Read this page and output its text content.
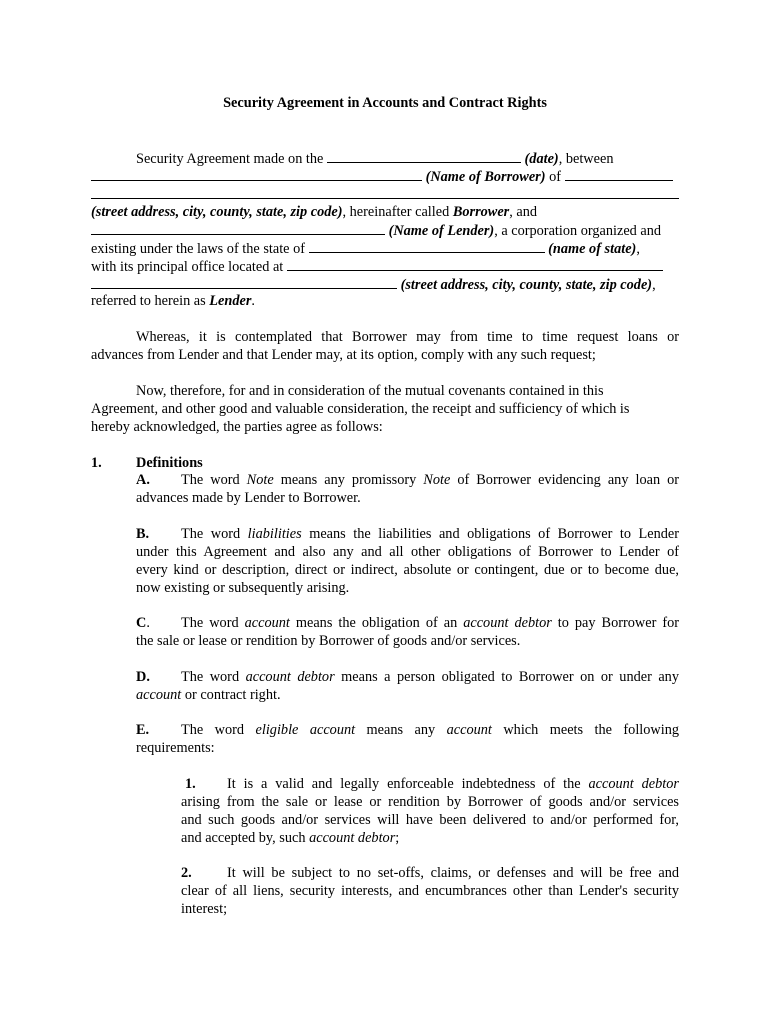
Security Agreement in Accounts and Contract Rights
Security Agreement made on the	(date), between
(Name of Borrower) of
(street address, city, county, state, zip code), hereinafter called Borrower, and
(Name of Lender), a corporation organized and
existing under the laws of the state of	(name of state),
with its principal office located at
(street address, city, county, state, zip code),
referred to herein as Lender.
Whereas, it is contemplated that Borrower may from time to time request loans or
advances from Lender and that Lender may, at its option, comply with any such request;
Now, therefore, for and in consideration of the mutual covenants contained in this
Agreement, and other good and valuable consideration, the receipt and sufficiency of which is
hereby acknowledged, the parties agree as follows:
1. Definitions
A. The word Note means any promissory Note of Borrower evidencing any loan or
advances made by Lender to Borrower.
B. The word liabilities means the liabilities and obligations of Borrower to Lender
under this Agreement and also any and all other obligations of Borrower to Lender of
every kind or description, direct or indirect, absolute or contingent, due or to become due,
now existing or subsequently arising.
C. The word account means the obligation of an account debtor to pay Borrower for
the sale or lease or rendition by Borrower of goods and/or services.
D. The word account debtor means a person obligated to Borrower on or under any
account or contract right.
E. The word eligible account means any account which meets the following
requirements:
1. It is a valid and legally enforceable indebtedness of the account debtor
arising from the sale or lease or rendition by Borrower of goods and/or services
and such goods and/or services will have been delivered to and/or performed for,
and accepted by, such account debtor;
2. It will be subject to no set-offs, claims, or defenses and will be free and
clear of all liens, security interests, and encumbrances other than Lender's security
interest;
